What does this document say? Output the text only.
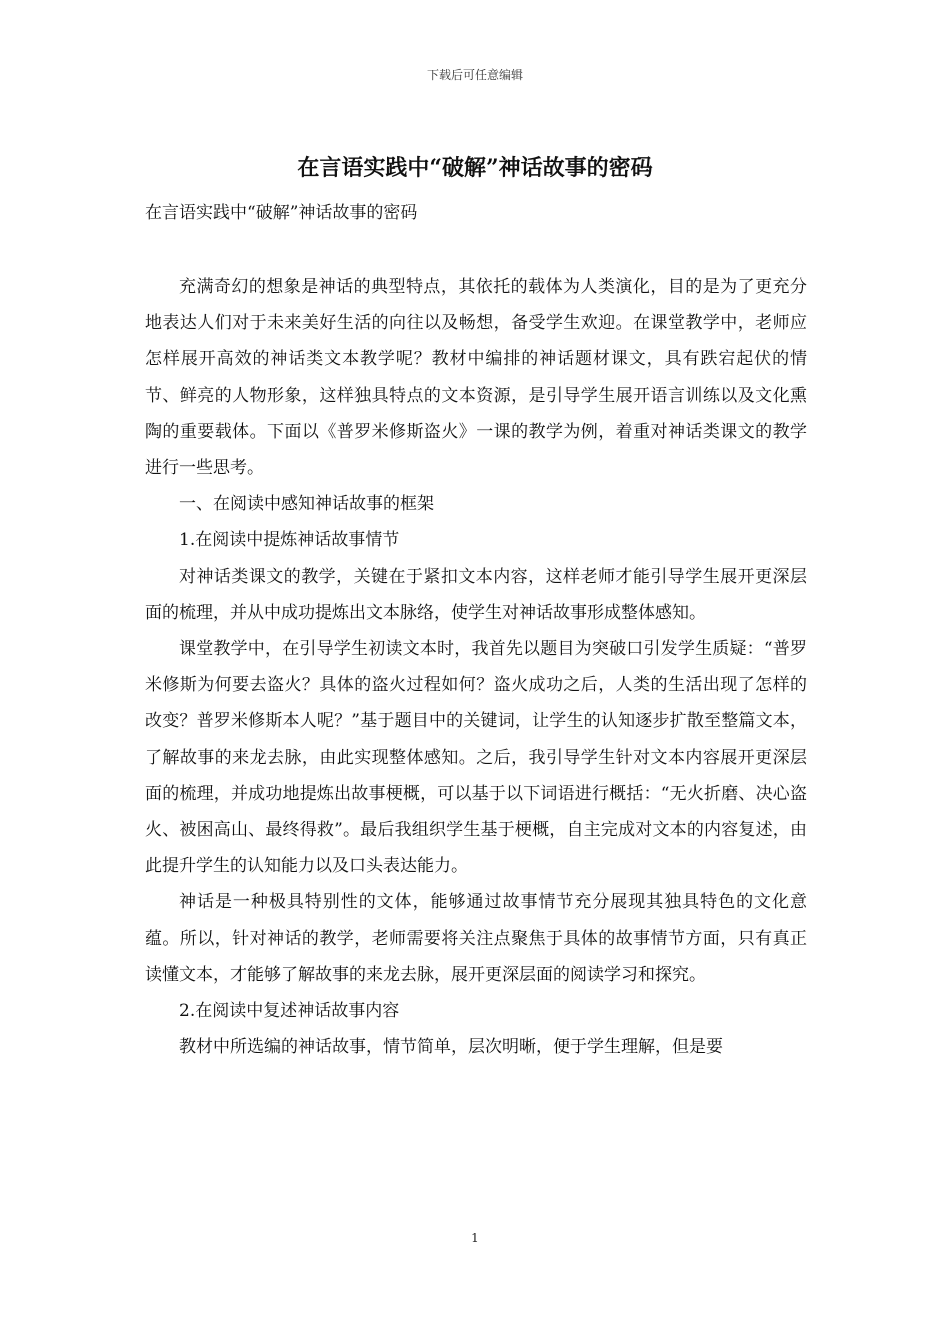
下载后可任意编辑
在言语实践中“破解”神话故事的密码
在言语实践中“破解”神话故事的密码

充满奇幻的想象是神话的典型特点，其依托的载体为人类演化，目的是为了更充分地表达人们对于未来美好生活的向往以及畅想，备受学生欢迎。在课堂教学中，老师应怎样展开高效的神话类文本教学呢？教材中编排的神话题材课文，具有跌宕起伏的情节、鲜亮的人物形象，这样独具特点的文本资源，是引导学生展开语言训练以及文化熏陶的重要载体。下面以《普罗米修斯盗火》一课的教学为例，着重对神话类课文的教学进行一些思考。

一、在阅读中感知神话故事的框架

1.在阅读中提炼神话故事情节

对神话类课文的教学，关键在于紧扣文本内容，这样老师才能引导学生展开更深层面的梳理，并从中成功提炼出文本脉络，使学生对神话故事形成整体感知。

课堂教学中，在引导学生初读文本时，我首先以题目为突破口引发学生质疑：“普罗米修斯为何要去盗火？具体的盗火过程如何？盗火成功之后，人类的生活出现了怎样的改变？普罗米修斯本人呢？”基于题目中的关键词，让学生的认知逐步扩散至整篇文本，了解故事的来龙去脉，由此实现整体感知。之后，我引导学生针对文本内容展开更深层面的梳理，并成功地提炼出故事梗概，可以基于以下词语进行概括：“无火折磨、决心盗火、被困高山、最终得救”。最后我组织学生基于梗概，自主完成对文本的内容复述，由此提升学生的认知能力以及口头表达能力。

神话是一种极具特别性的文体，能够通过故事情节充分展现其独具特色的文化意蕴。所以，针对神话的教学，老师需要将关注点聚焦于具体的故事情节方面，只有真正读懂文本，才能够了解故事的来龙去脉，展开更深层面的阅读学习和探究。

2.在阅读中复述神话故事内容

教材中所选编的神话故事，情节简单，层次明晰，便于学生理解，但是要

1
